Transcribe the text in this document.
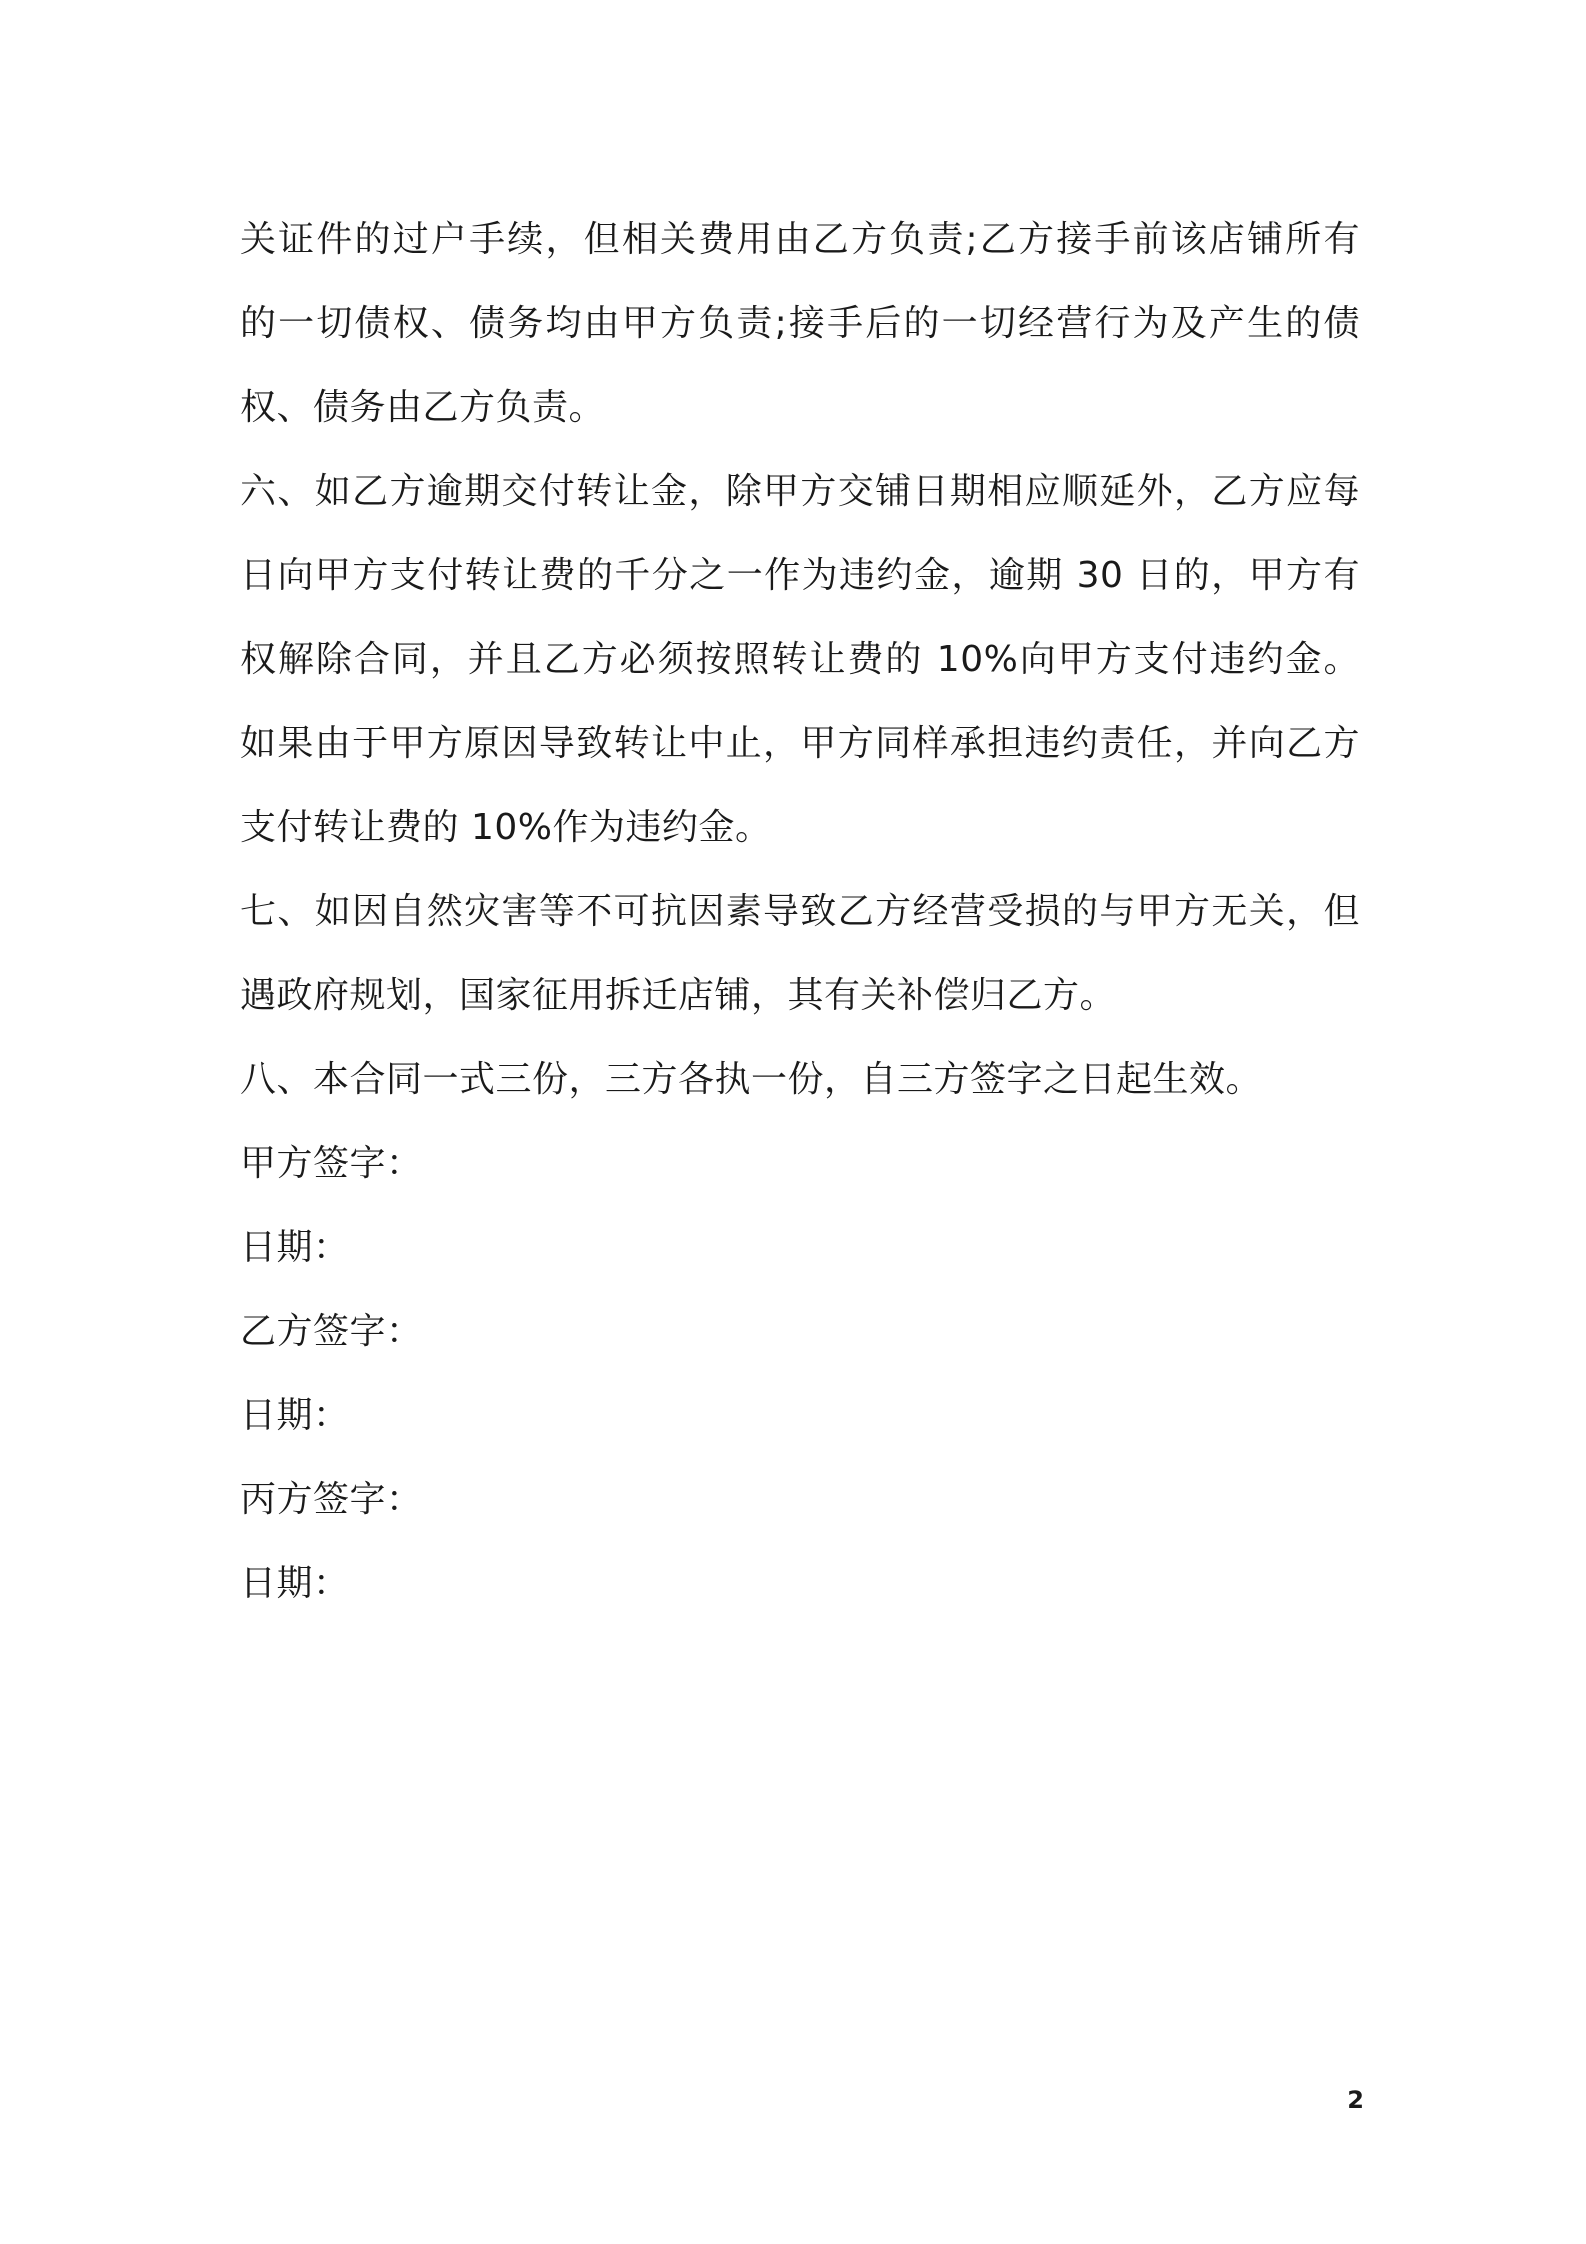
关证件的过户手续，但相关费用由乙方负责;乙方接手前该店铺所有
的一切债权、债务均由甲方负责;接手后的一切经营行为及产生的债
权、债务由乙方负责。
六、如乙方逾期交付转让金，除甲方交铺日期相应顺延外，乙方应每
日向甲方支付转让费的千分之一作为违约金，逾期 30 日的，甲方有
权解除合同，并且乙方必须按照转让费的 10%向甲方支付违约金。
如果由于甲方原因导致转让中止，甲方同样承担违约责任，并向乙方
支付转让费的 10%作为违约金。
七、如因自然灾害等不可抗因素导致乙方经营受损的与甲方无关，但
遇政府规划，国家征用拆迁店铺，其有关补偿归乙方。
八、本合同一式三份，三方各执一份，自三方签字之日起生效。
甲方签字：
日期：
乙方签字：
日期：
丙方签字：
日期：
2
